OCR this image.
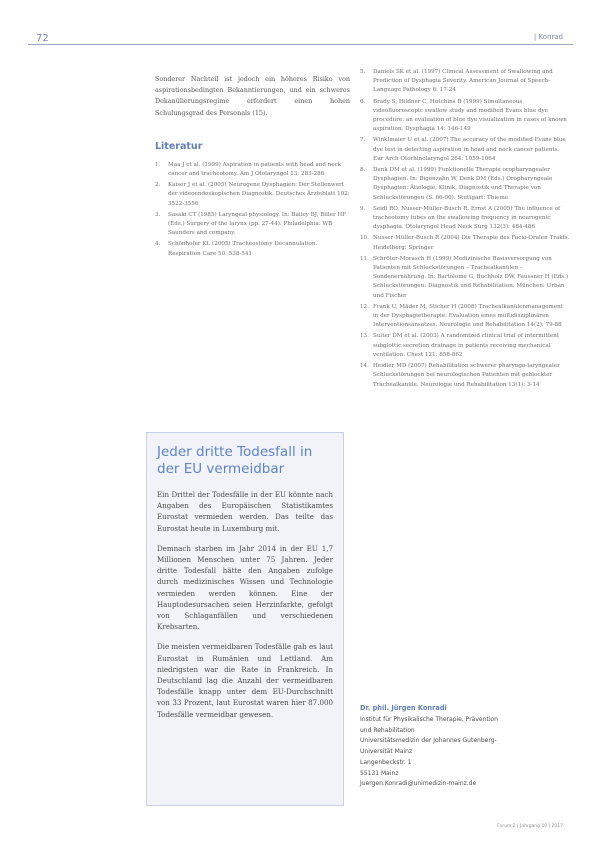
72	| Konrad

Sonderer Nachteil ist jedoch ein höheres Risiko von aspirationsbedingten Bekanntierungen, und ein schweres Dekanülierungsregime erfordert einen hohen Schulungsgrad des Personals (15).

Literatur
1. Maa J et al. (1999) Aspiration in patients with head and neck cancer and tracheotomy. Am J Otolaryngol 13: 283-286
2. Kaiser J et al. (2005) Neurogene Dysphagien: Der Stellenwert der videoendoskopischen Diagnostik. Deutsches Ärzteblatt 102: 3522-3556
3. Sasaki CT (1985) Laryngeal physiology. In: Bailey BJ, Biller HF (Eds.) Surgery of the larynx (pp. 27-44). Philadelphia: WB Saunders and company.
4. Schönhofer KL (2005) Tracheostomy Decannulation. Respiration Care 50: 538-541
5. Daniels SK et al. (1997) Clinical Assessment of Swallowing and Prediction of Dysphagia Severity. American Journal of Speech-Language Pathology 6: 17-24
6. Brady S, Hildner C, Hutchins B (1999) Simultaneous videofluoroscopic swallow study and modified Evans blue dye procedure: an evaluation of blue dye visualization in cases of known aspiration. Dysphagia 14: 146-149
7. Winklmaier U et al. (2007) The accuracy of the modified Evans blue dye test in detecting aspiration in head and neck cancer patients. Eur Arch Otorhinolaryngol 264: 1059-1064
8. Denk DM et al. (1999) Funktionelle Therapie oropharyngealer Dysphagien. In: Bigenzahn W, Denk DM (Eds.) Oropharyngeale Dysphagien: Ätiologie, Klinik, Diagnostik und Therapie von Schluckstörungen (S. 66-90). Stuttgart: Thieme
9. Seidl RO, Nusser-Müller-Busch R, Ernst A (2005) The influence of tracheotomy tubes on the swallowing frequency in neurogenic dysphagia. Otolaryngol Head Neck Surg 132(3): 484-486
10. Nusser-Müller-Busch R (2004) Die Therapie des Facio-Oralen Trakts. Heidelberg: Springer
11. Schröter-Morasch H (1999) Medizinische Basisversorgung von Patienten mit Schluckstörungen – Trachealkanülen – Sondenernährung. In: Bartolome G, Buchholz DW, Feussner H (Eds.) Schluckstörungen: Diagnostik und Rehabilitation. München: Urban und Fischer
12. Frank U, Mäder M, Sticher H (2008) Trachealkanülenmanagement in der Dysphagietherapie: Evaluation eines multidisziplinären Interventionsansatzes. Neurologie und Rehabilitation 14(2): 79-88
13. Suiter DM et al. (2003) A randomized clinical trial of intermittent subglottic secretion drainage in patients receiving mechanical ventilation. Chest 121: 858-862
14. Heidler MD (2007) Rehabilitation schwerer pharyngo-laryngealer Schluckstörungen bei neurologischen Patienten mit geblockter Trachealkanüle. Neurologie und Rehabilitation 13(1): 3-14
Jeder dritte Todesfall in der EU vermeidbar

Ein Drittel der Todesfälle in der EU könnte nach Angaben des Europäischen Statistikamtes Eurostat vermieden werden. Das teilte das Eurostat heute in Luxemburg mit.

Demnach starben im Jahr 2014 in der EU 1,7 Millionen Menschen unter 75 Jahren. Jeder dritte Todesfall hätte den Angaben zufolge durch medizinisches Wissen und Technologie vermieden werden können. Eine der Hauptodesursachen seien Herzinfarkte, gefolgt von Schlaganfällen und verschiedenen Krebsarten.

Die meisten vermeidbaren Todesfälle gab es laut Eurostat in Rumänien und Lettland. Am niedrigsten war die Rate in Frankreich. In Deutschland lag die Anzahl der vermeidbaren Todesfälle knapp unter dem EU-Durchschnitt von 33 Prozent, laut Eurostat waren hier 87.000 Todesfälle vermeidbar gewesen.

Dr. phil. Jürgen Konradi
Institut für Physikalische Therapie, Prävention
und Rehabilitation
Universitätsmedizin der Johannes Gutenberg-
Universität Mainz
Langenbeckstr. 1
55131 Mainz
Juergen.Konradi@unimedizin-mainz.de
Forum 2 | Jahrgang 10 | 2017
